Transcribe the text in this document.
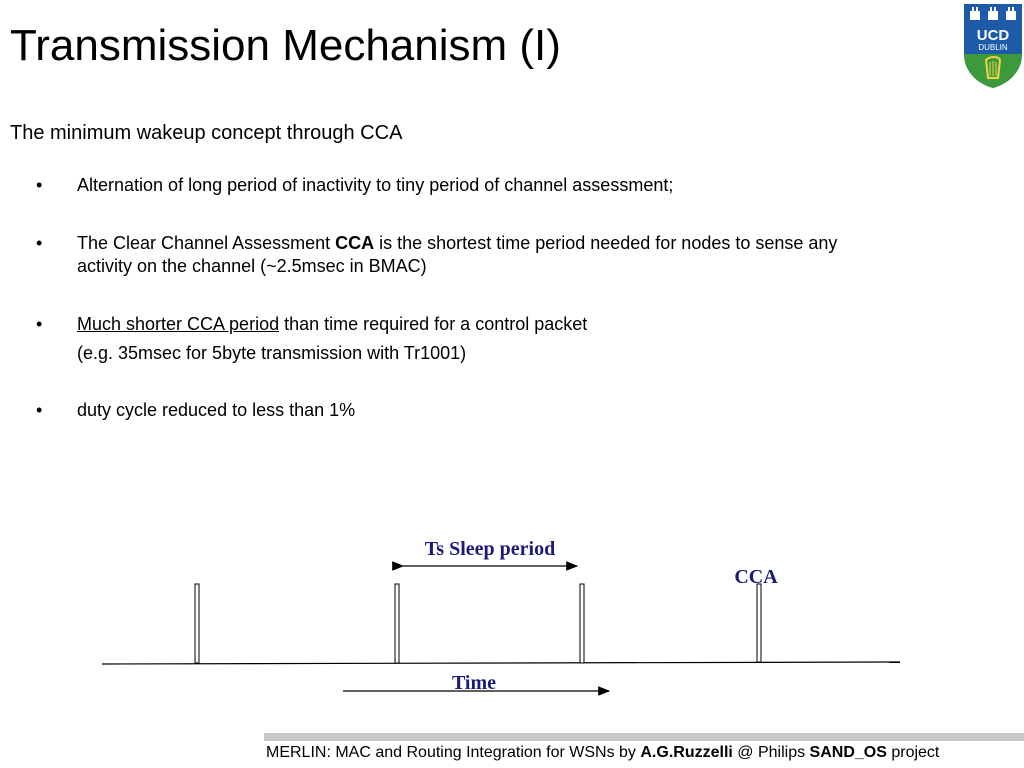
Transmission Mechanism (I)	UCD
DUBLIN
The minimum wakeup concept through CCA
• Alternation of long period of inactivity to tiny period of channel assessment;
• The Clear Channel Assessment CCA is the shortest time period needed for nodes to sense any
activity on the channel (~2.5msec in BMAC)
• Much shorter CCA period than time required for a control packet
(e.g. 35msec for 5byte transmission with Tr1001)
• duty cycle reduced to less than 1%
Ts Sleep period
CCA
Time
MERLIN: MAC and Routing Integration for WSNs by A.G.Ruzzelli @ Philips SAND_OS project
